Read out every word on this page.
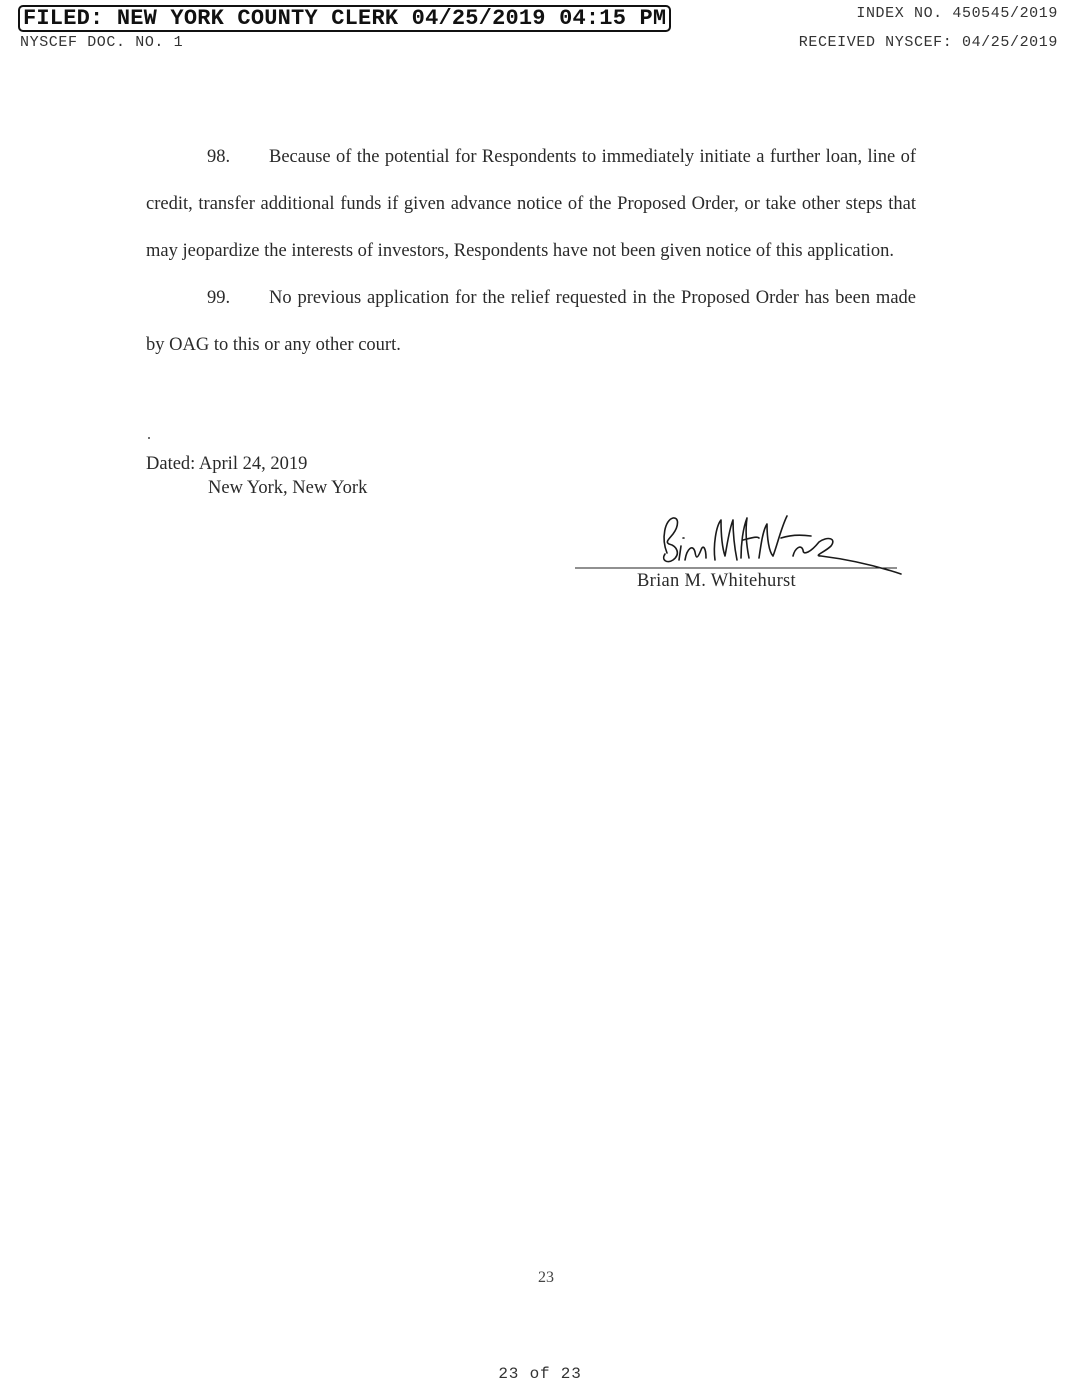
FILED: NEW YORK COUNTY CLERK 04/25/2019 04:15 PM
NYSCEF DOC. NO. 1
INDEX NO. 450545/2019
RECEIVED NYSCEF: 04/25/2019

98. Because of the potential for Respondents to immediately initiate a further loan, line of credit, transfer additional funds if given advance notice of the Proposed Order, or take other steps that may jeopardize the interests of investors, Respondents have not been given notice of this application.

99. No previous application for the relief requested in the Proposed Order has been made by OAG to this or any other court.

Dated: April 24, 2019
New York, New York
Brian M. Whitehurst
23
23 of 23
